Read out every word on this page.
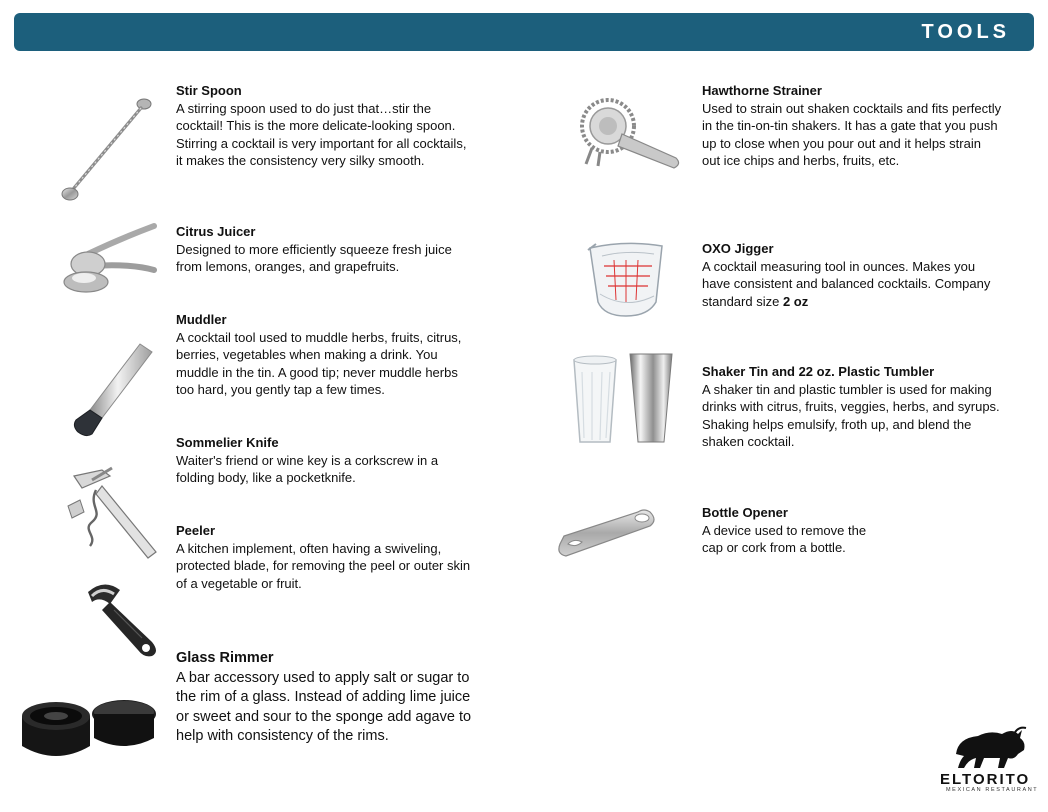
TOOLS
Stir Spoon
A stirring spoon used to do just that…stir the cocktail! This is the more delicate-looking spoon. Stirring a cocktail is very important for all cocktails, it makes the consistency very silky smooth.
Citrus Juicer
Designed to more efficiently squeeze fresh juice from lemons, oranges, and grapefruits.
Muddler
A cocktail tool used to muddle herbs, fruits, citrus, berries, vegetables when making a drink. You muddle in the tin. A good tip; never muddle herbs too hard, you gently tap a few times.
Sommelier Knife
Waiter's friend or wine key is a corkscrew in a folding body, like a pocketknife.
Peeler
A kitchen implement, often having a swiveling, protected blade, for removing the peel or outer skin of a vegetable or fruit.
Glass Rimmer
A bar accessory used to apply salt or sugar to the rim of a glass. Instead of adding lime juice or sweet and sour to the sponge add agave to help with consistency of the rims.
Hawthorne Strainer
Used to strain out shaken cocktails and fits perfectly in the tin-on-tin shakers. It has a gate that you push up to close when you pour out and it helps strain out ice chips and herbs, fruits, etc.
OXO Jigger
A cocktail measuring tool in ounces. Makes you have consistent and balanced cocktails. Company standard size 2 oz
Shaker Tin and 22 oz. Plastic Tumbler
A shaker tin and plastic tumbler is used for making drinks with citrus, fruits, veggies, herbs, and syrups. Shaking helps emulsify, froth up, and blend the shaken cocktail.
Bottle Opener
A device used to remove the cap or cork from a bottle.
ELTORITO
MEXICAN RESTAURANT
